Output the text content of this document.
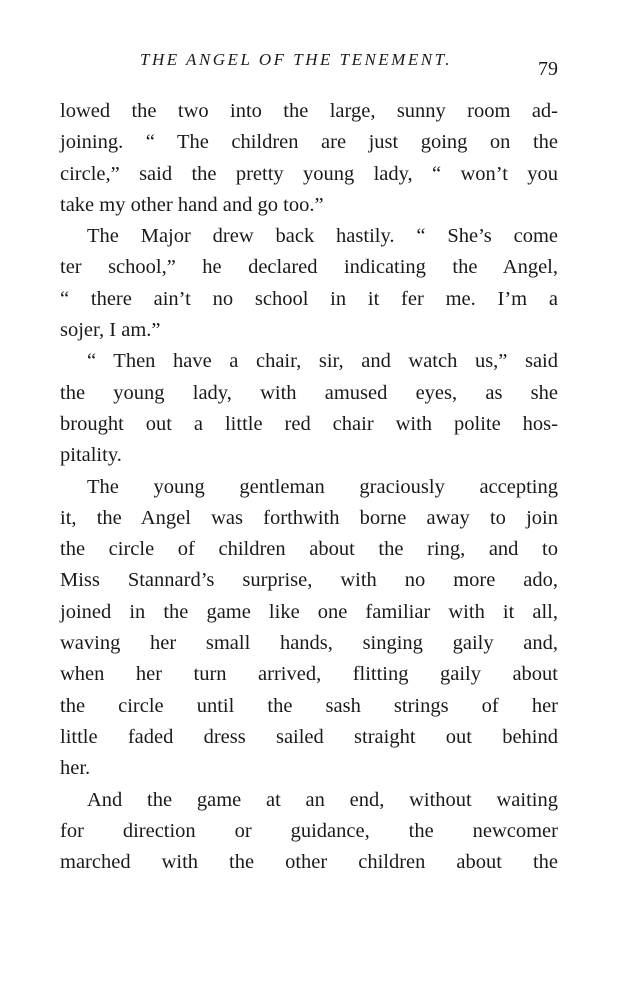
THE ANGEL OF THE TENEMENT.	79
lowed the two into the large, sunny room ad-
joining. “ The children are just going on the
circle,” said the pretty young lady, “ won’t you
take my other hand and go too.”
The Major drew back hastily. “ She’s come
ter school,” he declared indicating the Angel,
“ there ain’t no school in it fer me. I’m a
sojer, I am.”
“ Then have a chair, sir, and watch us,” said
the young lady, with amused eyes, as she
brought out a little red chair with polite hos-
pitality.
The young gentleman graciously accepting
it, the Angel was forthwith borne away to join
the circle of children about the ring, and to
Miss Stannard’s surprise, with no more ado,
joined in the game like one familiar with it all,
waving her small hands, singing gaily and,
when her turn arrived, flitting gaily about
the circle until the sash strings of her
little faded dress sailed straight out behind
her.
And the game at an end, without waiting
for direction or guidance, the newcomer
marched with the other children about the
